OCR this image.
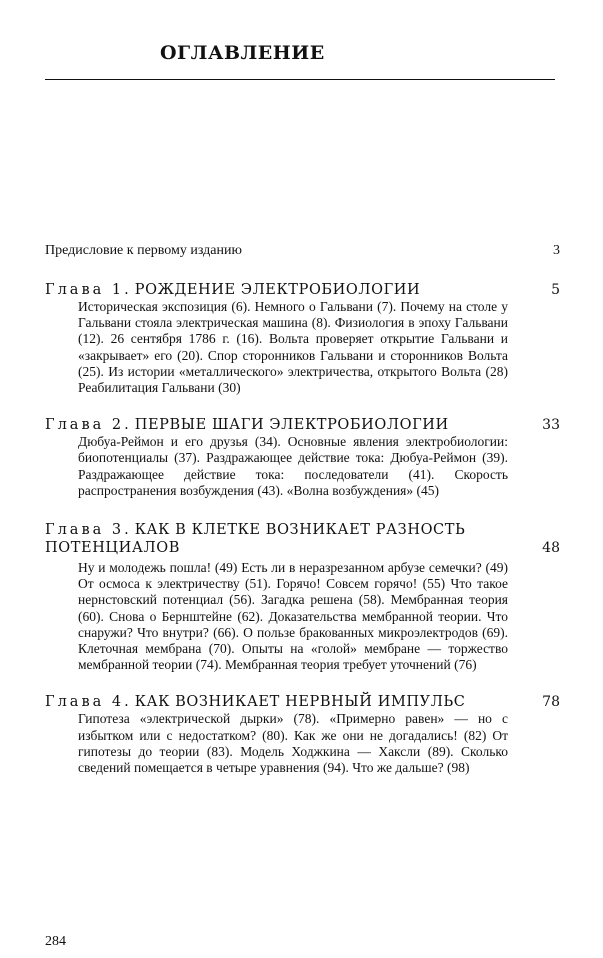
ОГЛАВЛЕНИЕ
Предисловие к первому изданию	3
Глава 1. РОЖДЕНИЕ ЭЛЕКТРОБИОЛОГИИ	5
Историческая экспозиция (6). Немного о Гальвани (7). Почему на столе у Гальвани стояла электрическая машина (8). Физиология в эпоху Гальвани (12). 26 сентября 1786 г. (16). Вольта проверяет открытие Гальвани и «закрывает» его (20). Спор сторонников Гальвани и сторонников Вольта (25). Из истории «металлического» электричества, открытого Вольта (28) Реабилитация Гальвани (30)
Глава 2. ПЕРВЫЕ ШАГИ ЭЛЕКТРОБИОЛОГИИ	33
Дюбуа-Реймон и его друзья (34). Основные явления электробиологии: биопотенциалы (37). Раздражающее действие тока: Дюбуа-Реймон (39). Раздражающее действие тока: последователи (41). Скорость распространения возбуждения (43). «Волна возбуждения» (45)
Глава 3. КАК В КЛЕТКЕ ВОЗНИКАЕТ РАЗНОСТЬ ПОТЕНЦИАЛОВ	48
Ну и молодежь пошла! (49) Есть ли в неразрезанном арбузе семечки? (49) От осмоса к электричеству (51). Горячо! Совсем горячо! (55) Что такое нернстовский потенциал (56). Загадка решена (58). Мембранная теория (60). Снова о Бернштейне (62). Доказательства мембранной теории. Что снаружи? Что внутри? (66). О пользе бракованных микроэлектродов (69). Клеточная мембрана (70). Опыты на «голой» мембране — торжество мембранной теории (74). Мембранная теория требует уточнений (76)
Глава 4. КАК ВОЗНИКАЕТ НЕРВНЫЙ ИМПУЛЬС	78
Гипотеза «электрической дырки» (78). «Примерно равен» — но с избытком или с недостатком? (80). Как же они не догадались! (82) От гипотезы до теории (83). Модель Ходжкина — Хаксли (89). Сколько сведений помещается в четыре уравнения (94). Что же дальше? (98)
284
